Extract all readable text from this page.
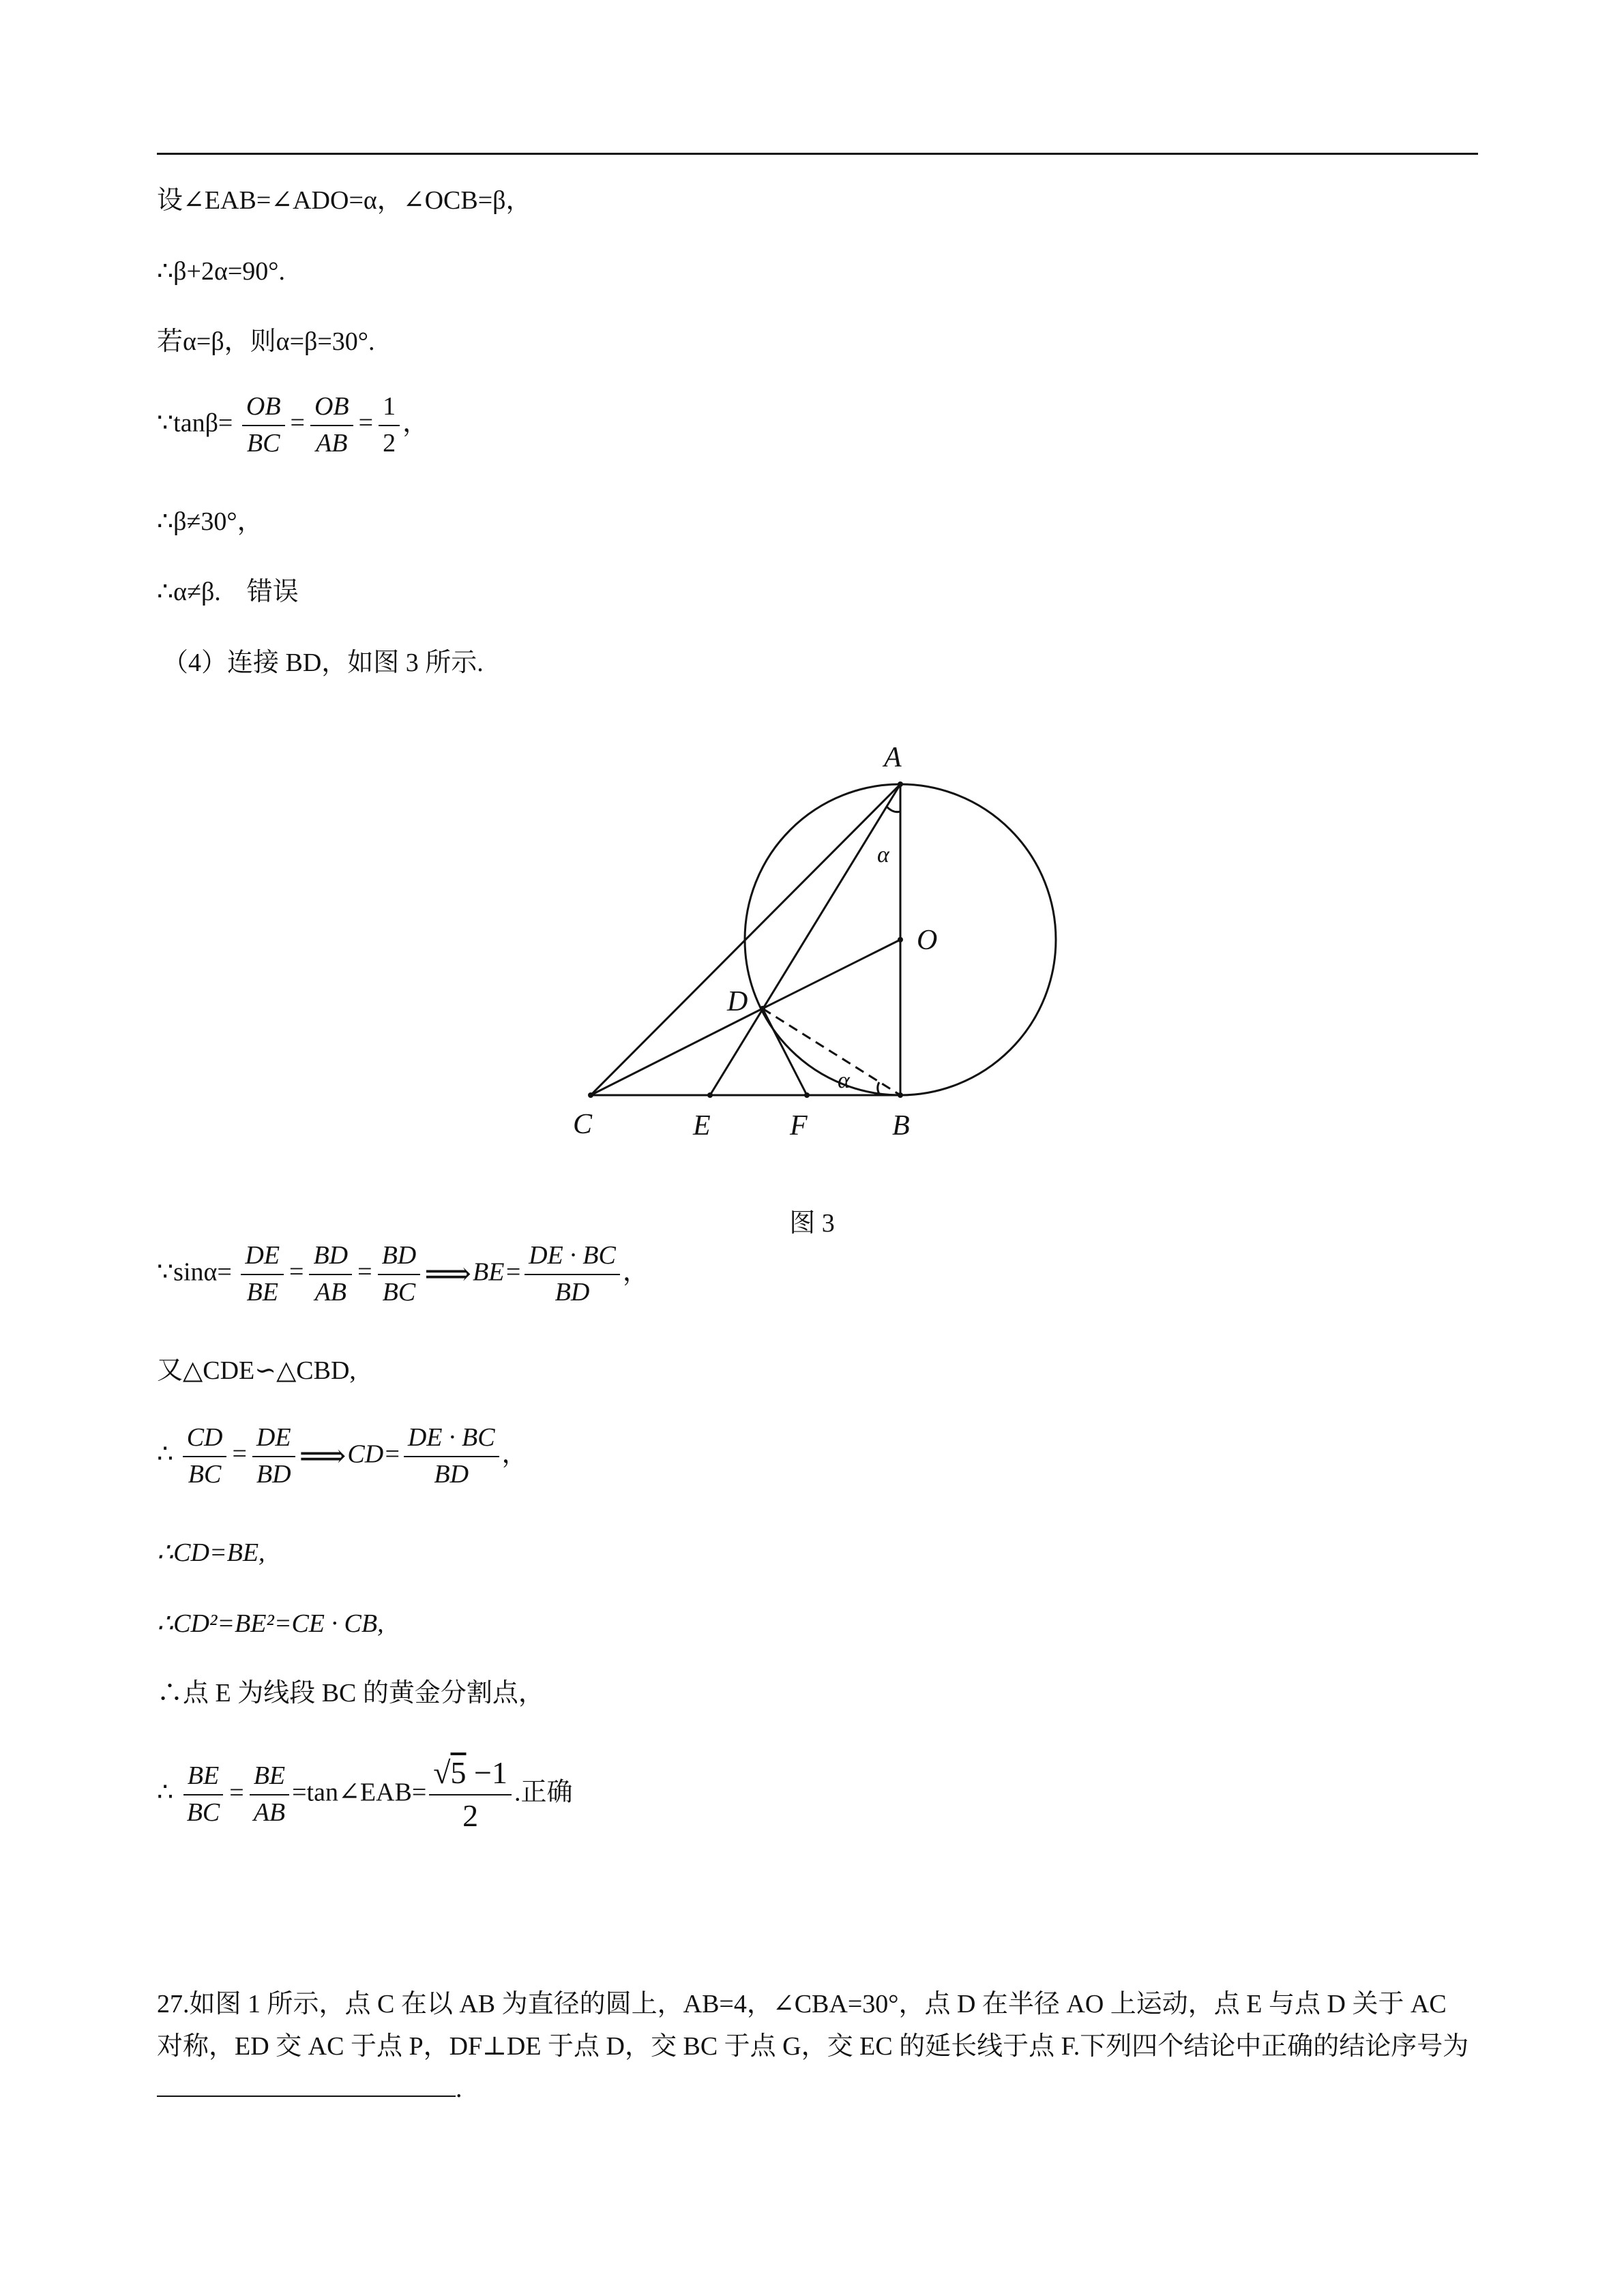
设∠EAB=∠ADO=α，∠OCB=β，
∴β+2α=90°.
若α=β，则α=β=30°.
∵tanβ= $\frac{OB}{BC} = \frac{OB}{AB} = \frac{1}{2}$ ，
∴β≠30°，
∴α≠β.　错误
（4）连接 BD，如图 3 所示.
A
O
D
C	E	F	B
α
α
图 3
∵sinα= $\frac{DE}{BE} = \frac{BD}{AB} = \frac{BD}{BC}$ ⟹BE= $\frac{DE \cdot BC}{BD}$ ，
又△CDE∽△CBD,
∴ $\frac{CD}{BC} = \frac{DE}{BD}$ ⟹CD= $\frac{DE \cdot BC}{BD}$ ，
∴CD=BE,
∴CD²=BE²=CE · CB,
∴点 E 为线段 BC 的黄金分割点，
∴ $\frac{BE}{BC} = \frac{BE}{AB}$ =tan∠EAB= $\frac{√5 -1}{2}$ .正确
27.如图 1 所示，点 C 在以 AB 为直径的圆上，AB=4，∠CBA=30°，点 D 在半径 AO 上运动，点 E 与点 D 关于 AC 对称，ED 交 AC 于点 P，DF⊥DE 于点 D，交 BC 于点 G，交 EC 的延长线于点 F.下列四个结论中正确的结论序号为.
